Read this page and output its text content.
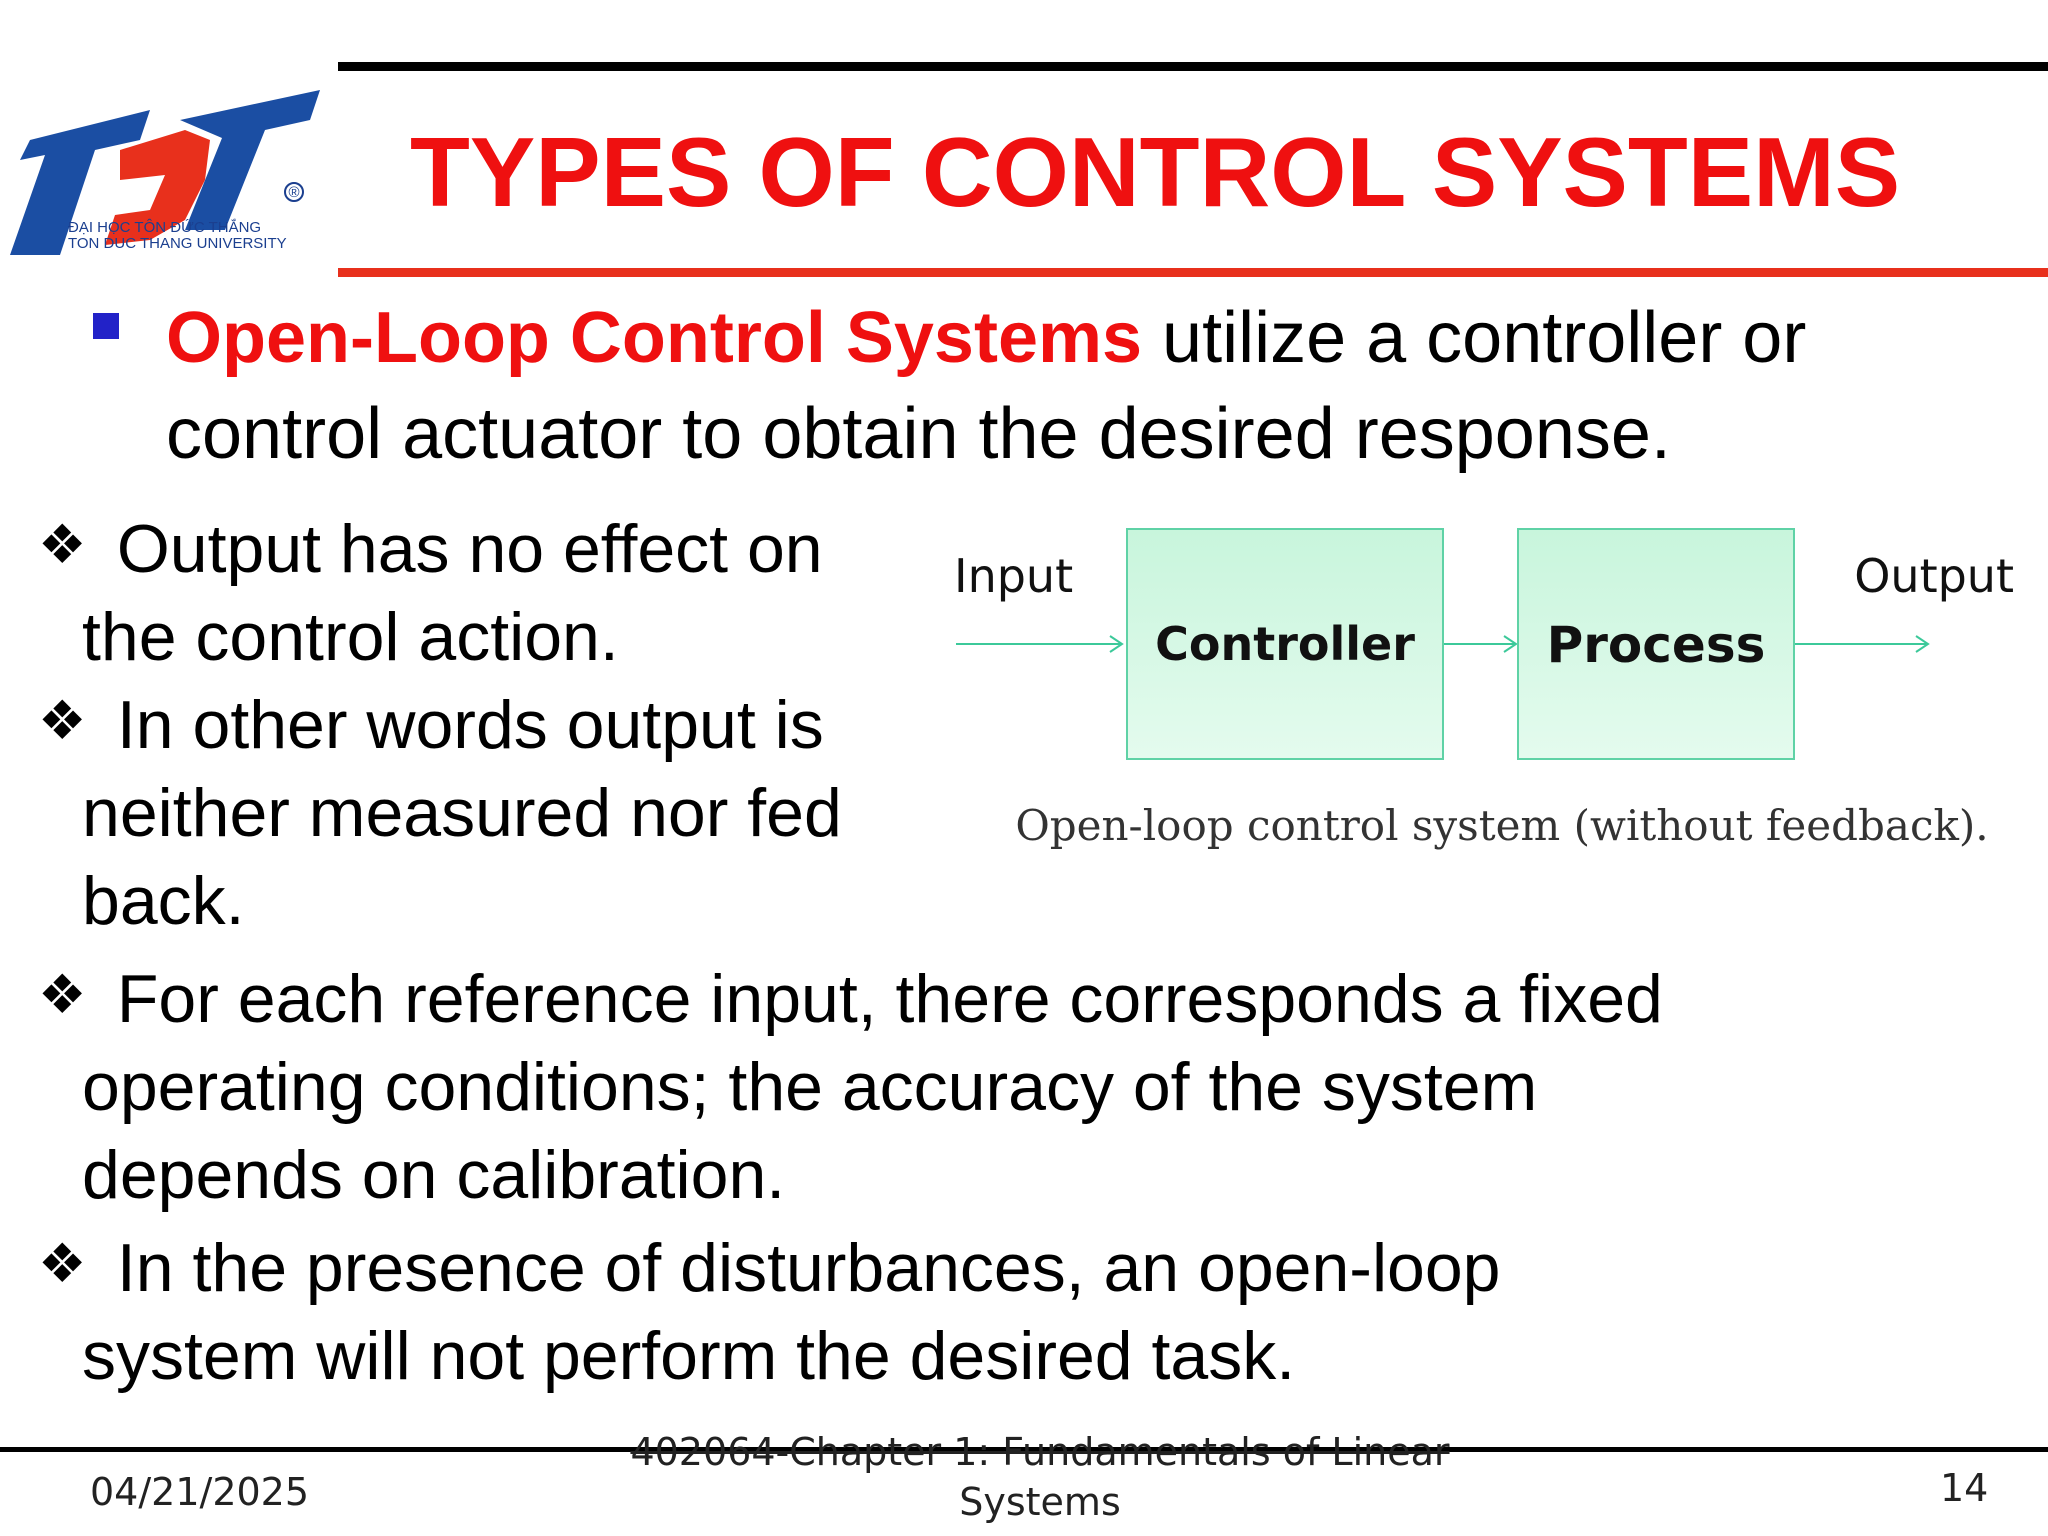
®
ĐẠI HỌC TÔN ĐỨC THẮNG
TON DUC THANG UNIVERSITY
TYPES OF CONTROL SYSTEMS
Open-Loop Control Systems utilize a controller or control actuator to obtain the desired response.
❖ Output has no effect on
the control action.
❖ In other words output is
neither measured nor fed back.
❖ For each reference input, there corresponds a fixed
operating conditions; the accuracy of the system depends on calibration.
❖ In the presence of disturbances, an open-loop
system will not perform the desired task.
Input	Output
Controller	Process
Open-loop control system (without feedback).
04/21/2025
402064-Chapter 1: Fundamentals of Linear
Systems	14
